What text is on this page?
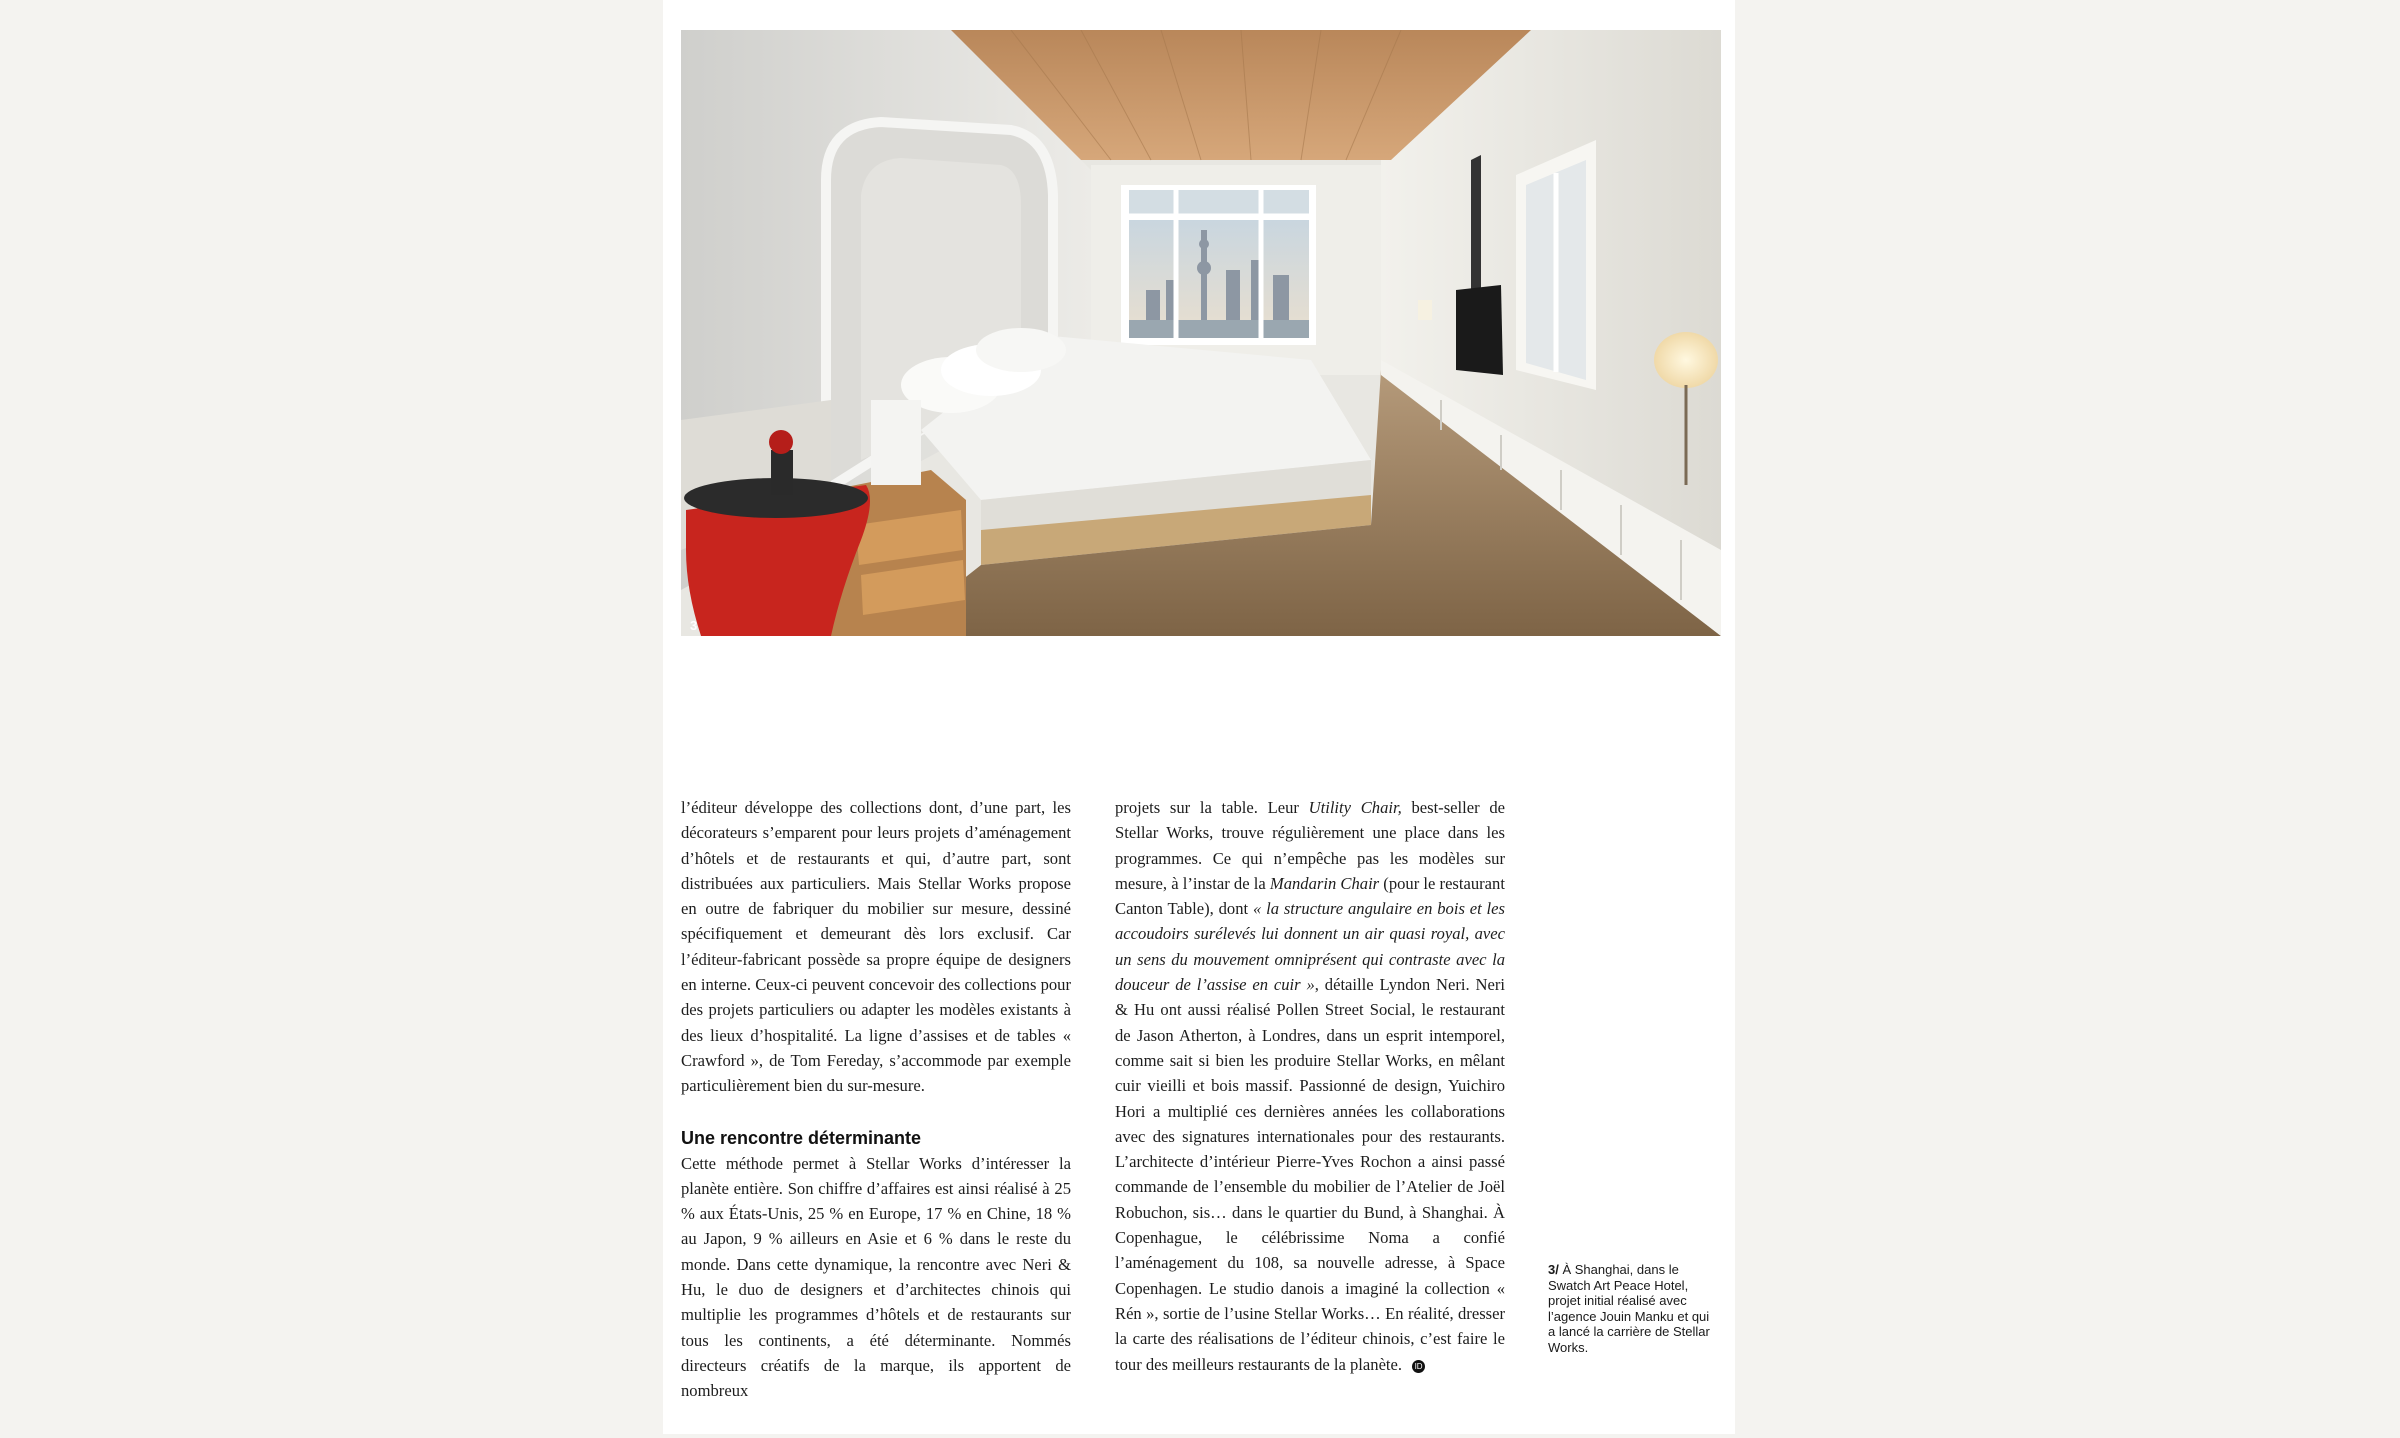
3

l’éditeur développe des collections dont, d’une part, les décorateurs s’emparent pour leurs projets d’aménagement d’hôtels et de restaurants et qui, d’autre part, sont distribuées aux particuliers. Mais Stellar Works propose en outre de fabriquer du mobilier sur mesure, dessiné spécifiquement et demeurant dès lors exclusif. Car l’éditeur-fabricant possède sa propre équipe de designers en interne. Ceux-ci peuvent concevoir des collections pour des projets particuliers ou adapter les modèles existants à des lieux d’hospitalité. La ligne d’assises et de tables « Crawford », de Tom Fereday, s’accommode par exemple particulièrement bien du sur-mesure.

Une rencontre déterminante

Cette méthode permet à Stellar Works d’intéresser la planète entière. Son chiffre d’affaires est ainsi réalisé à 25 % aux États-Unis, 25 % en Europe, 17 % en Chine, 18 % au Japon, 9 % ailleurs en Asie et 6 % dans le reste du monde. Dans cette dynamique, la rencontre avec Neri & Hu, le duo de designers et d’architectes chinois qui multiplie les programmes d’hôtels et de restaurants sur tous les continents, a été déterminante. Nommés directeurs créatifs de la marque, ils apportent de nombreux

projets sur la table. Leur Utility Chair, best-seller de Stellar Works, trouve régulièrement une place dans les programmes. Ce qui n’empêche pas les modèles sur mesure, à l’instar de la Mandarin Chair (pour le restaurant Canton Table), dont « la structure angulaire en bois et les accoudoirs surélevés lui donnent un air quasi royal, avec un sens du mouvement omniprésent qui contraste avec la douceur de l’assise en cuir », détaille Lyndon Neri. Neri & Hu ont aussi réalisé Pollen Street Social, le restaurant de Jason Atherton, à Londres, dans un esprit intemporel, comme sait si bien les produire Stellar Works, en mêlant cuir vieilli et bois massif. Passionné de design, Yuichiro Hori a multiplié ces dernières années les collaborations avec des signatures internationales pour des restaurants. L’architecte d’intérieur Pierre-Yves Rochon a ainsi passé commande de l’ensemble du mobilier de l’Atelier de Joël Robuchon, sis… dans le quartier du Bund, à Shanghai. À Copenhague, le célébrissime Noma a confié l’aménagement du 108, sa nouvelle adresse, à Space Copenhagen. Le studio danois a imaginé la collection « Rén », sortie de l’usine Stellar Works… En réalité, dresser la carte des réalisations de l’éditeur chinois, c’est faire le tour des meilleurs restaurants de la planète. ID

3/ À Shanghai, dans le Swatch Art Peace Hotel, projet initial réalisé avec l’agence Jouin Manku et qui a lancé la carrière de Stellar Works.
